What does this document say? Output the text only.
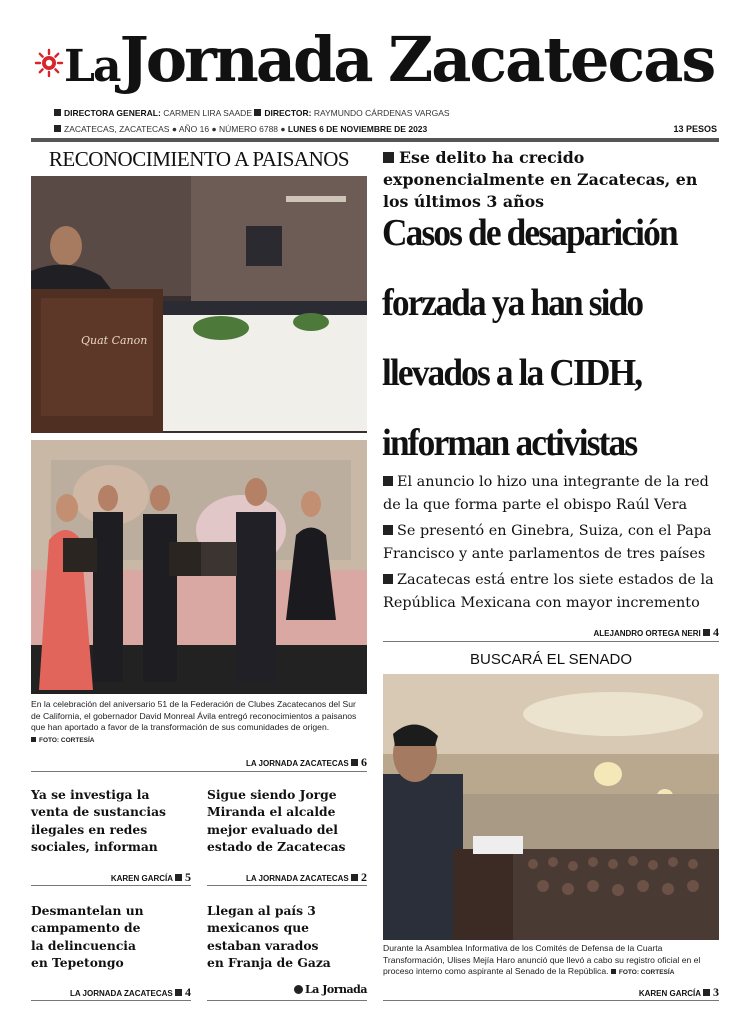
LaJornada Zacatecas
DIRECTORA GENERAL: CARMEN LIRA SAADE DIRECTOR: RAYMUNDO CÁRDENAS VARGAS
ZACATECAS, ZACATECAS ● AÑO 16 ● NÚMERO 6788 ● LUNES 6 DE NOVIEMBRE DE 2023	13 PESOS
RECONOCIMIENTO A PAISANOS
Quat Canon
En la celebración del aniversario 51 de la Federación de Clubes Zacatecanos del Sur de California, el gobernador David Monreal Ávila entregó reconocimientos a paisanos que han aportado a favor de la transformación de sus comunidades de origen.
FOTO: CORTESÍA
LA JORNADA ZACATECAS 6
Ya se investiga la
venta de sustancias
ilegales en redes
sociales, informan
KAREN GARCÍA 5
Sigue siendo Jorge
Miranda el alcalde
mejor evaluado del
estado de Zacatecas
LA JORNADA ZACATECAS 2
Desmantelan un
campamento de
la delincuencia
en Tepetongo
LA JORNADA ZACATECAS 4
Llegan al país 3
mexicanos que
estaban varados
en Franja de Gaza
La Jornada
Ese delito ha crecido exponencialmente en Zacatecas, en los últimos 3 años
Casos de desaparición
forzada ya han sido
llevados a la CIDH,
informan activistas

El anuncio lo hizo una integrante de la red de la que forma parte el obispo Raúl Vera

Se presentó en Ginebra, Suiza, con el Papa Francisco y ante parlamentos de tres países

Zacatecas está entre los siete estados de la República Mexicana con mayor incremento

ALEJANDRO ORTEGA NERI 4
BUSCARÁ EL SENADO
Durante la Asamblea Informativa de los Comités de Defensa de la Cuarta Transformación, Ulises Mejía Haro anunció que llevó a cabo su registro oficial en el proceso interno como aspirante al Senado de la República. FOTO: CORTESÍA
KAREN GARCÍA 3
